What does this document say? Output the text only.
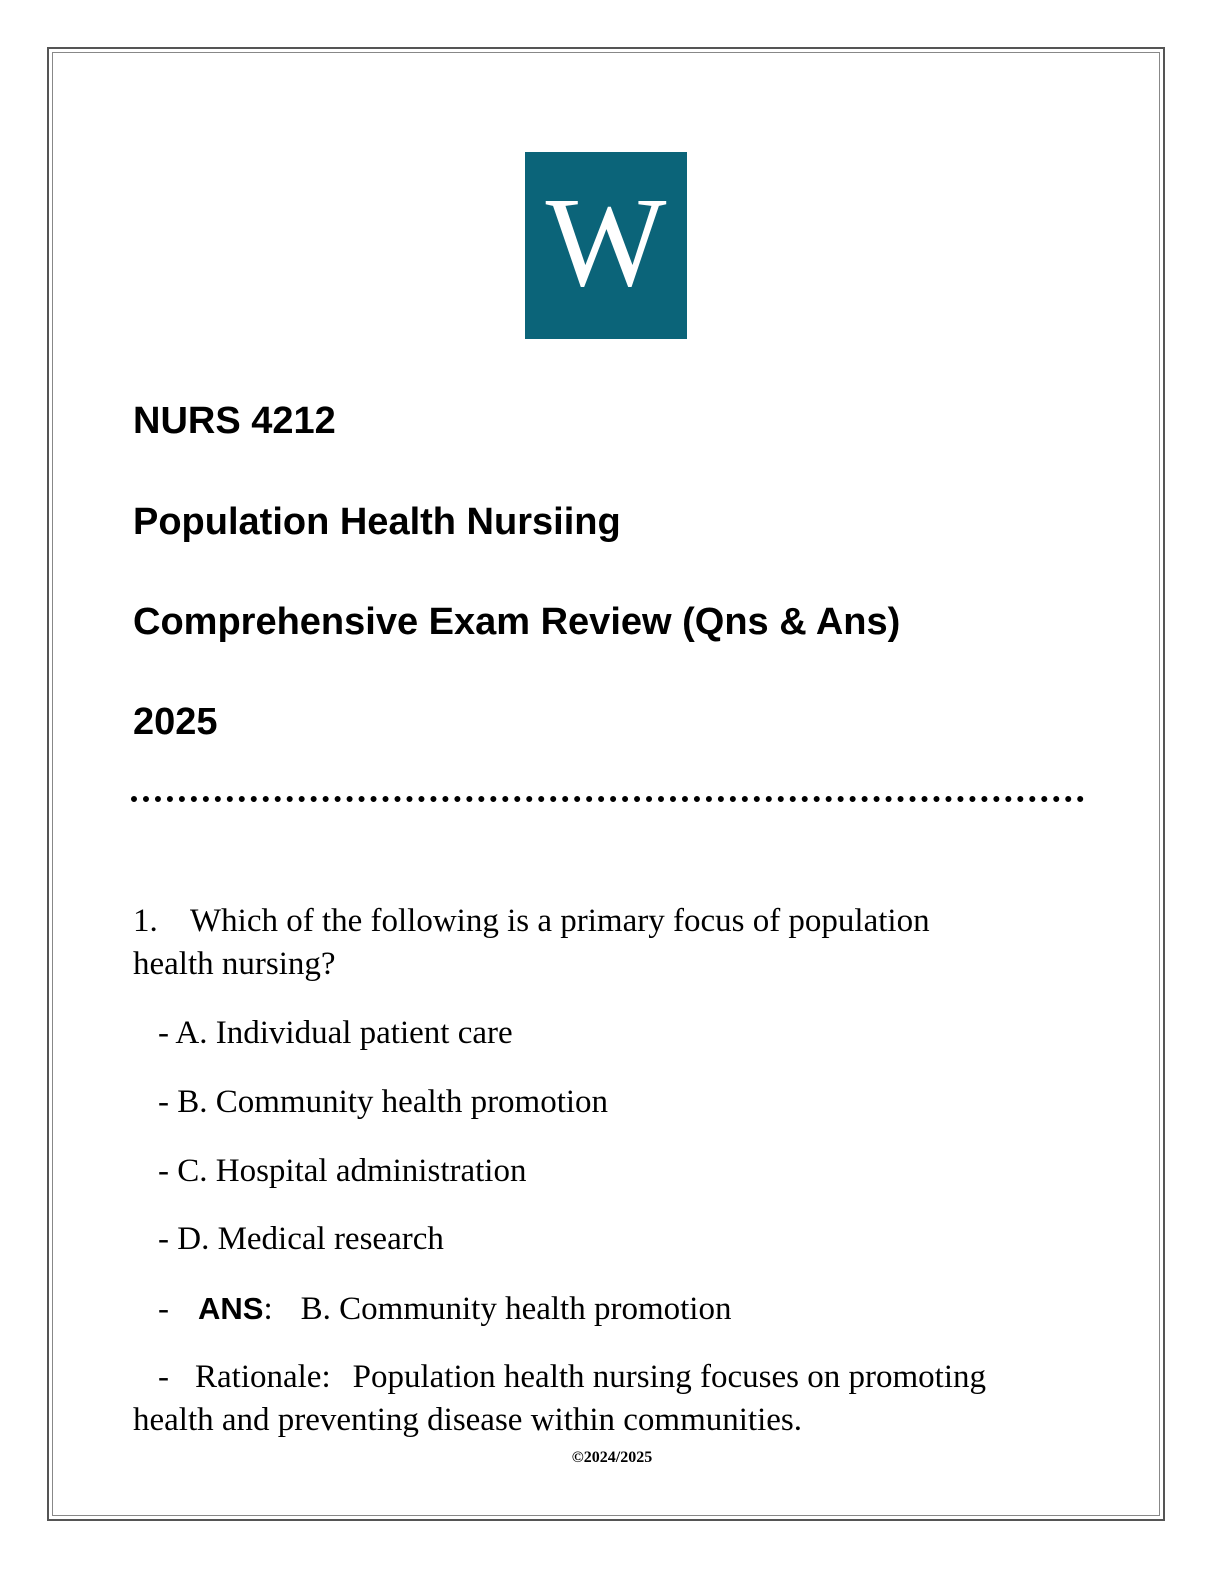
W
NURS 4212
Population Health Nursiing
Comprehensive Exam Review (Qns & Ans)
2025
1. Which of the following is a primary focus of population
health nursing?
- A. Individual patient care
- B. Community health promotion
- C. Hospital administration
- D. Medical research
- ANS: B. Community health promotion
- Rationale: Population health nursing focuses on promoting
health and preventing disease within communities.
©2024/2025
